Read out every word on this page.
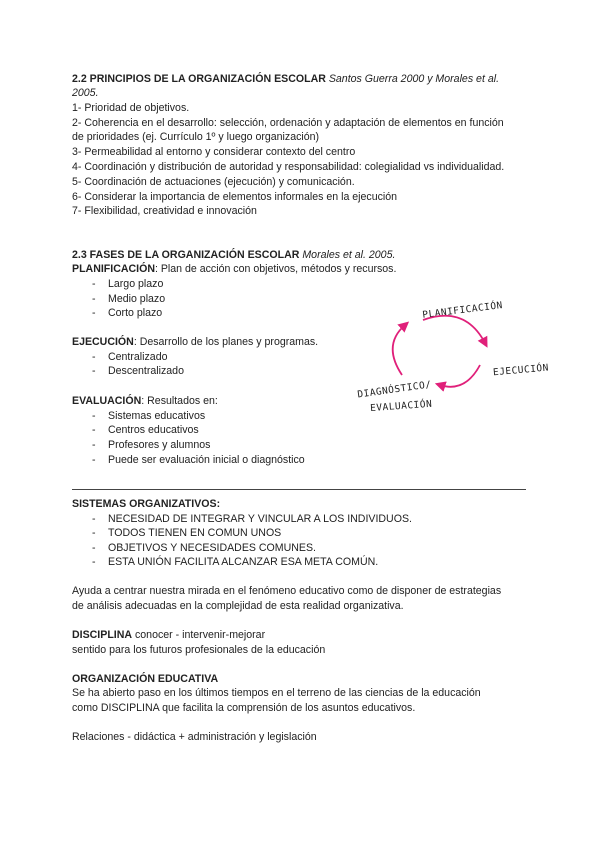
2.2 PRINCIPIOS DE LA ORGANIZACIÓN ESCOLAR Santos Guerra 2000 y Morales et al.
2005.
1- Prioridad de objetivos.
2- Coherencia en el desarrollo: selección, ordenación y adaptación de elementos en función
de prioridades (ej. Currículo 1º y luego organización)
3- Permeabilidad al entorno y considerar contexto del centro
4- Coordinación y distribución de autoridad y responsabilidad: colegialidad vs individualidad.
5- Coordinación de actuaciones (ejecución) y comunicación.
6- Considerar la importancia de elementos informales en la ejecución
7- Flexibilidad, creatividad e innovación
2.3 FASES DE LA ORGANIZACIÓN ESCOLAR Morales et al. 2005.
PLANIFICACIÓN: Plan de acción con objetivos, métodos y recursos.
- Largo plazo
- Medio plazo
- Corto plazo
EJECUCIÓN: Desarrollo de los planes y programas.
- Centralizado
- Descentralizado
EVALUACIÓN: Resultados en:
- Sistemas educativos
- Centros educativos
- Profesores y alumnos
- Puede ser evaluación inicial o diagnóstico
PLANIFICACIÓN
EJECUCIÓN
DIAGNÓSTICO/
EVALUACIÓN
SISTEMAS ORGANIZATIVOS:
- NECESIDAD DE INTEGRAR Y VINCULAR A LOS INDIVIDUOS.
- TODOS TIENEN EN COMUN UNOS
- OBJETIVOS Y NECESIDADES COMUNES.
- ESTA UNIÓN FACILITA ALCANZAR ESA META COMÚN.
Ayuda a centrar nuestra mirada en el fenómeno educativo como de disponer de estrategias
de análisis adecuadas en la complejidad de esta realidad organizativa.
DISCIPLINA conocer - intervenir-mejorar
sentido para los futuros profesionales de la educación
ORGANIZACIÓN EDUCATIVA
Se ha abierto paso en los últimos tiempos en el terreno de las ciencias de la educación
como DISCIPLINA que facilita la comprensión de los asuntos educativos.
Relaciones - didáctica + administración y legislación
